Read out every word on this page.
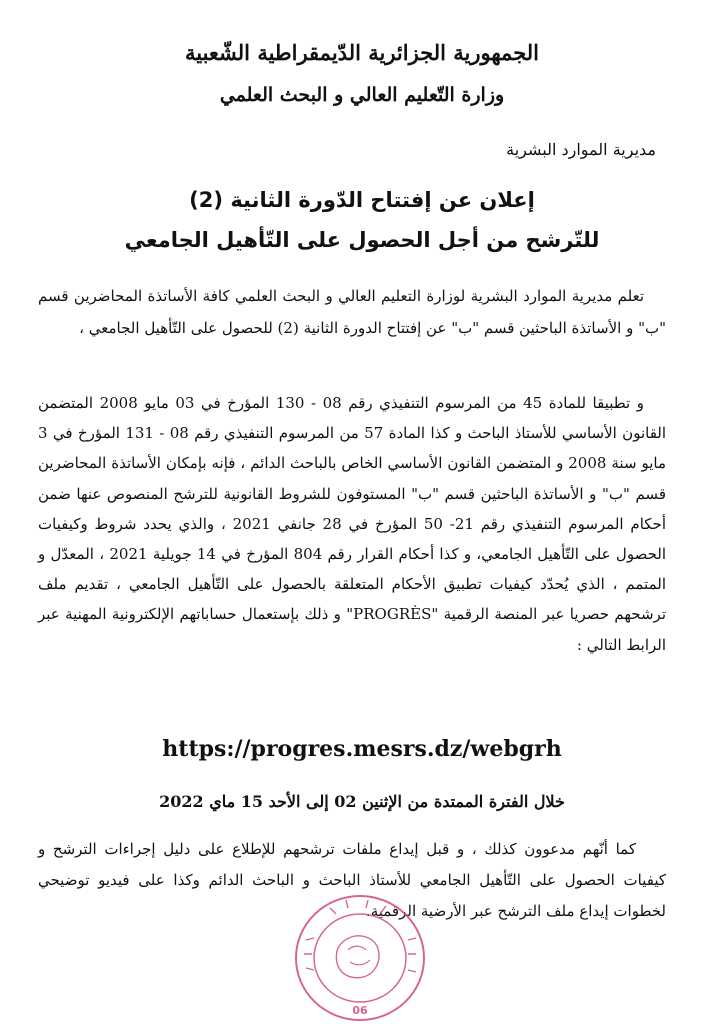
الجمهورية الجزائرية الدّيمقراطية الشّعبية
وزارة التّعليم العالي و البحث العلمي
مديرية الموارد البشرية
إعلان عن إفتتاح الدّورة الثانية (2)
للتّرشح من أجل الحصول على التّأهيل الجامعي
تعلم مديرية الموارد البشرية لوزارة التعليم العالي و البحث العلمي كافة الأساتذة المحاضرين قسم "ب" و الأساتذة الباحثين قسم "ب" عن إفتتاح الدورة الثانية (2) للحصول على التّأهيل الجامعي ،
و تطبيقا للمادة 45 من المرسوم التنفيذي رقم 08 - 130 المؤرخ في 03 مايو 2008 المتضمن القانون الأساسي للأستاذ الباحث و كذا المادة 57 من المرسوم التنفيذي رقم 08 - 131 المؤرخ في 3 مايو سنة 2008 و المتضمن القانون الأساسي الخاص بالباحث الدائم ، فإنه بإمكان الأساتذة المحاضرين قسم "ب" و الأساتذة الباحثين قسم "ب" المستوفون للشروط القانونية للترشح المنصوص عنها ضمن أحكام المرسوم التنفيذي رقم 21- 50 المؤرخ في 28 جانفي 2021 ، والذي يحدد شروط وكيفيات الحصول على التّأهيل الجامعي، و كذا أحكام القرار رقم 804 المؤرخ في 14 جويلية 2021 ، المعدّل و المتمم ، الذي يُحدّد كيفيات تطبيق الأحكام المتعلقة بالحصول على التّأهيل الجامعي ، تقديم ملف ترشحهم حصريا عبر المنصة الرقمية "PROGRÈS" و ذلك بإستعمال حساباتهم الإلكترونية المهنية عبر الرابط التالي :
https://progres.mesrs.dz/webgrh
خلال الفترة الممتدة من الإثنين 02 إلى الأحد 15 ماي 2022
كما أنّهم مدعوون كذلك ، و قبل إيداع ملفات ترشحهم للإطلاع على دليل إجراءات الترشح و كيفيات الحصول على التّأهيل الجامعي للأستاذ الباحث و الباحث الدائم وكذا على فيديو توضيحي لخطوات إيداع ملف الترشح عبر الأرضية الرقمية.
06
